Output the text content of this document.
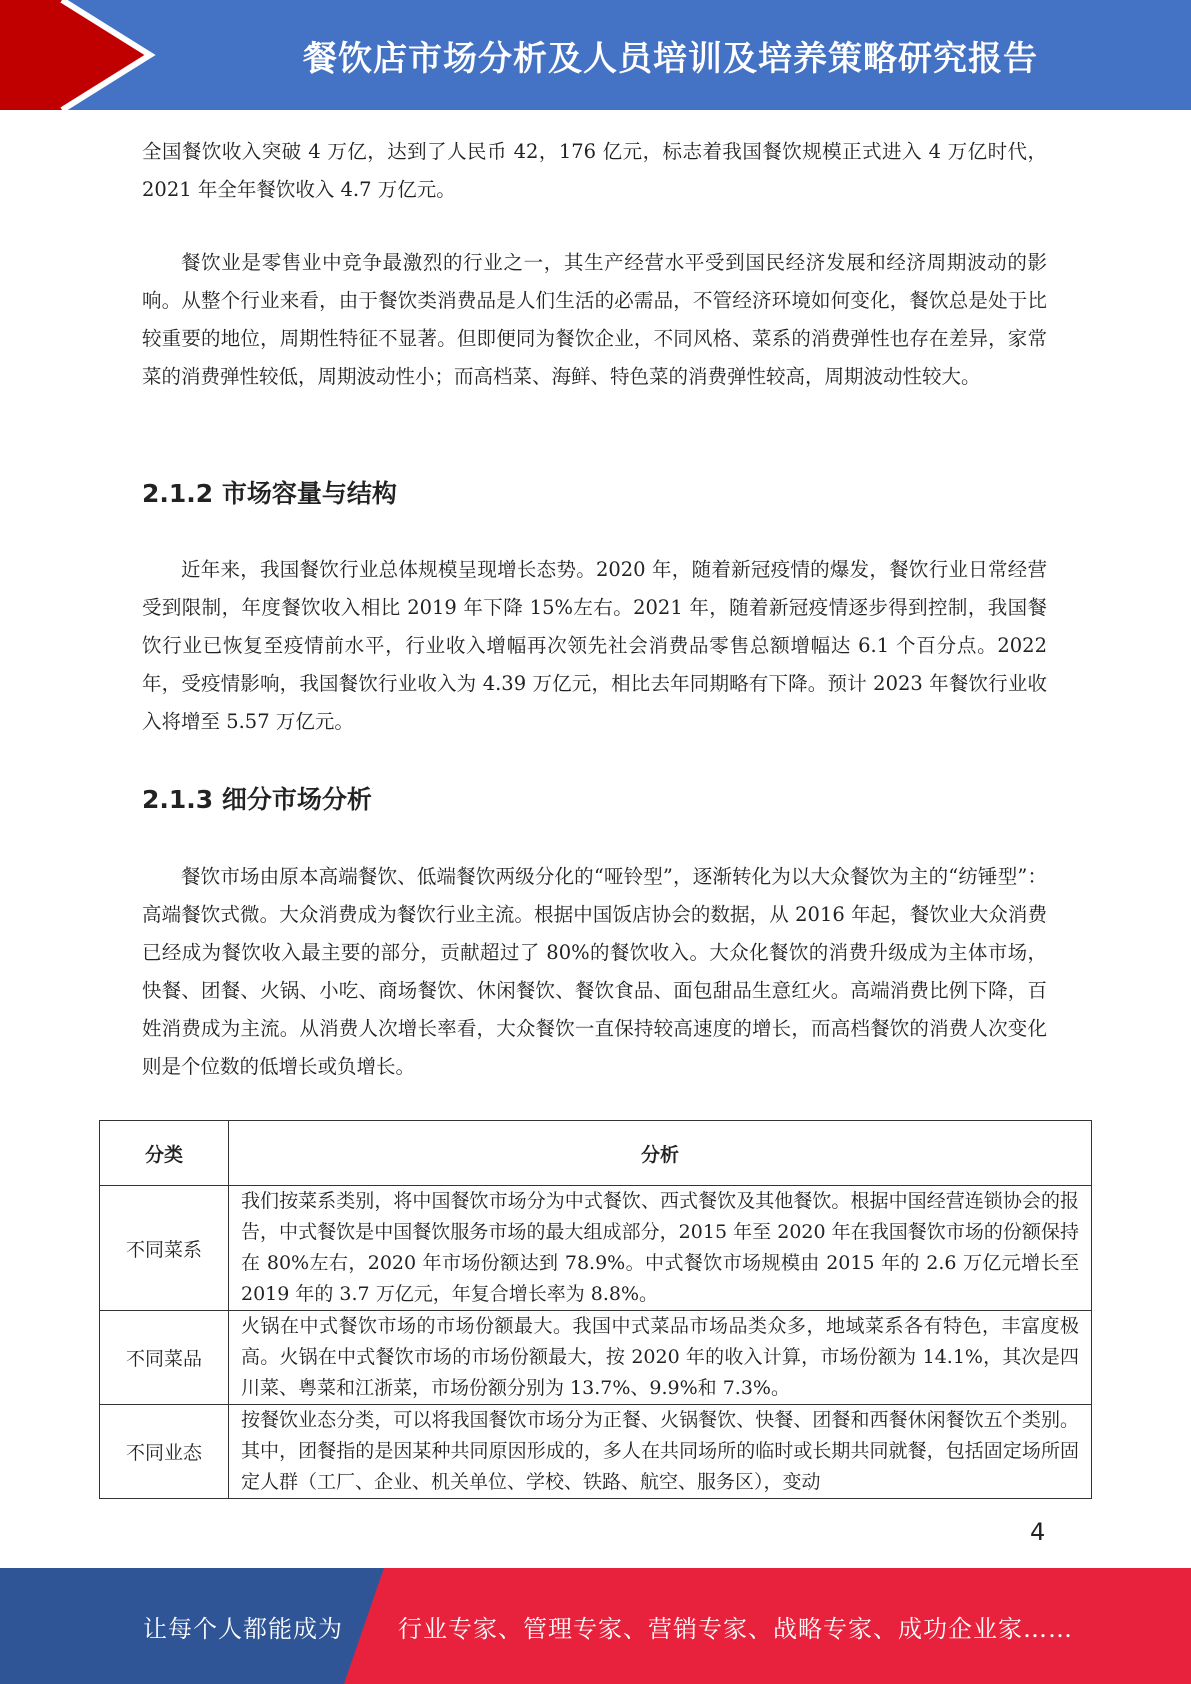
餐饮店市场分析及人员培训及培养策略研究报告

全国餐饮收入突破 4 万亿，达到了人民币 42，176 亿元，标志着我国餐饮规模正式进入 4 万亿时代，2021 年全年餐饮收入 4.7 万亿元。

餐饮业是零售业中竞争最激烈的行业之一，其生产经营水平受到国民经济发展和经济周期波动的影响。从整个行业来看，由于餐饮类消费品是人们生活的必需品，不管经济环境如何变化，餐饮总是处于比较重要的地位，周期性特征不显著。但即便同为餐饮企业，不同风格、菜系的消费弹性也存在差异，家常菜的消费弹性较低，周期波动性小；而高档菜、海鲜、特色菜的消费弹性较高，周期波动性较大。

2.1.2 市场容量与结构

近年来，我国餐饮行业总体规模呈现增长态势。2020 年，随着新冠疫情的爆发，餐饮行业日常经营受到限制，年度餐饮收入相比 2019 年下降 15%左右。2021 年，随着新冠疫情逐步得到控制，我国餐饮行业已恢复至疫情前水平，行业收入增幅再次领先社会消费品零售总额增幅达 6.1 个百分点。2022 年，受疫情影响，我国餐饮行业收入为 4.39 万亿元，相比去年同期略有下降。预计 2023 年餐饮行业收入将增至 5.57 万亿元。

2.1.3 细分市场分析

餐饮市场由原本高端餐饮、低端餐饮两级分化的“哑铃型”，逐渐转化为以大众餐饮为主的“纺锤型”：高端餐饮式微。大众消费成为餐饮行业主流。根据中国饭店协会的数据，从 2016 年起，餐饮业大众消费已经成为餐饮收入最主要的部分，贡献超过了 80%的餐饮收入。大众化餐饮的消费升级成为主体市场，快餐、团餐、火锅、小吃、商场餐饮、休闲餐饮、餐饮食品、面包甜品生意红火。高端消费比例下降，百姓消费成为主流。从消费人次增长率看，大众餐饮一直保持较高速度的增长，而高档餐饮的消费人次变化则是个位数的低增长或负增长。

分类	分析
不同菜系	我们按菜系类别，将中国餐饮市场分为中式餐饮、西式餐饮及其他餐饮。根据中国经营连锁协会的报告，中式餐饮是中国餐饮服务市场的最大组成部分，2015 年至 2020 年在我国餐饮市场的份额保持在 80%左右，2020 年市场份额达到 78.9%。中式餐饮市场规模由 2015 年的 2.6 万亿元增长至 2019 年的 3.7 万亿元，年复合增长率为 8.8%。
不同菜品	火锅在中式餐饮市场的市场份额最大。我国中式菜品市场品类众多，地域菜系各有特色，丰富度极高。火锅在中式餐饮市场的市场份额最大，按 2020 年的收入计算，市场份额为 14.1%，其次是四川菜、粤菜和江浙菜，市场份额分别为 13.7%、9.9%和 7.3%。
不同业态	按餐饮业态分类，可以将我国餐饮市场分为正餐、火锅餐饮、快餐、团餐和西餐休闲餐饮五个类别。其中，团餐指的是因某种共同原因形成的，多人在共同场所的临时或长期共同就餐，包括固定场所固定人群（工厂、企业、机关单位、学校、铁路、航空、服务区），变动
4
让每个人都能成为 行业专家、管理专家、营销专家、战略专家、成功企业家……
